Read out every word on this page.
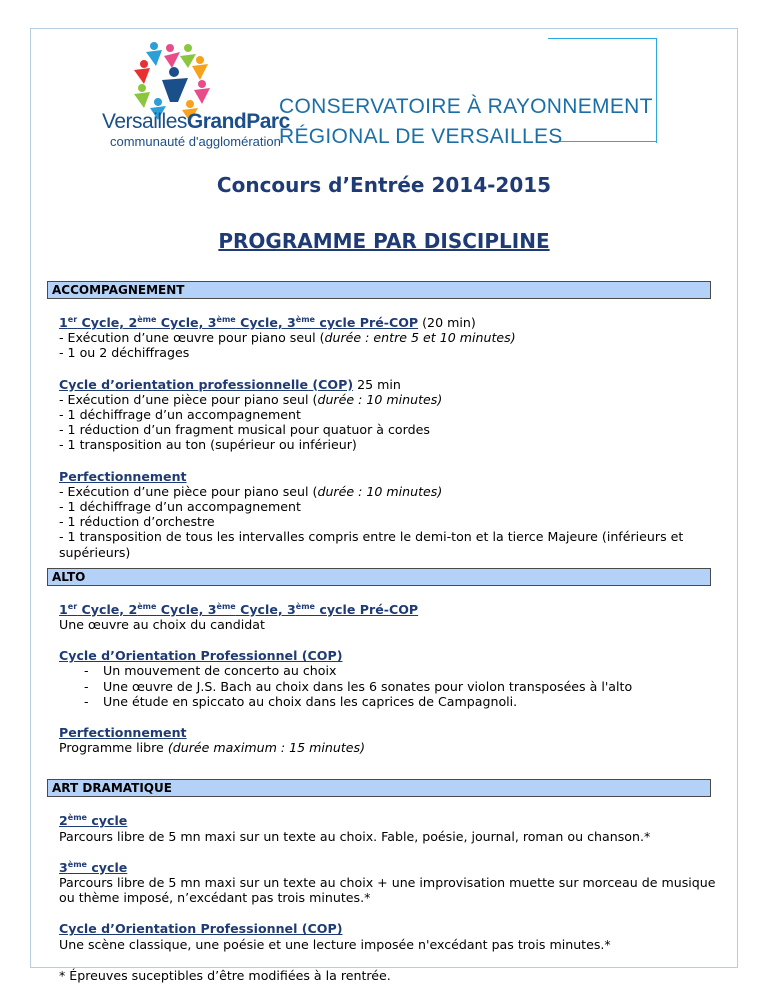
VersaillesGrandParc
communauté d'agglomération
CONSERVATOIRE À RAYONNEMENT
RÉGIONAL DE VERSAILLES
Concours d’Entrée 2014-2015
PROGRAMME PAR DISCIPLINE
ACCOMPAGNEMENT
1er Cycle, 2ème Cycle, 3ème Cycle, 3ème cycle Pré-COP (20 min)
- Exécution d’une œuvre pour piano seul (durée : entre 5 et 10 minutes)
- 1 ou 2 déchiffrages
Cycle d’orientation professionnelle (COP) 25 min
- Exécution d’une pièce pour piano seul (durée : 10 minutes)
- 1 déchiffrage d’un accompagnement
- 1 réduction d’un fragment musical pour quatuor à cordes
- 1 transposition au ton (supérieur ou inférieur)
Perfectionnement
- Exécution d’une pièce pour piano seul (durée : 10 minutes)
- 1 déchiffrage d’un accompagnement
- 1 réduction d’orchestre
- 1 transposition de tous les intervalles compris entre le demi-ton et la tierce Majeure (inférieurs et supérieurs)
ALTO
1er Cycle, 2ème Cycle, 3ème Cycle, 3ème cycle Pré-COP
Une œuvre au choix du candidat
Cycle d’Orientation Professionnel (COP)
- Un mouvement de concerto au choix
- Une œuvre de J.S. Bach au choix dans les 6 sonates pour violon transposées à l'alto
- Une étude en spiccato au choix dans les caprices de Campagnoli.
Perfectionnement
Programme libre (durée maximum : 15 minutes)
ART DRAMATIQUE
2ème cycle
Parcours libre de 5 mn maxi sur un texte au choix. Fable, poésie, journal, roman ou chanson.*
3ème cycle
Parcours libre de 5 mn maxi sur un texte au choix + une improvisation muette sur morceau de musique ou thème imposé, n’excédant pas trois minutes.*
Cycle d’Orientation Professionnel (COP)
Une scène classique, une poésie et une lecture imposée n'excédant pas trois minutes.*
* Épreuves suceptibles d’être modifiées à la rentrée.
